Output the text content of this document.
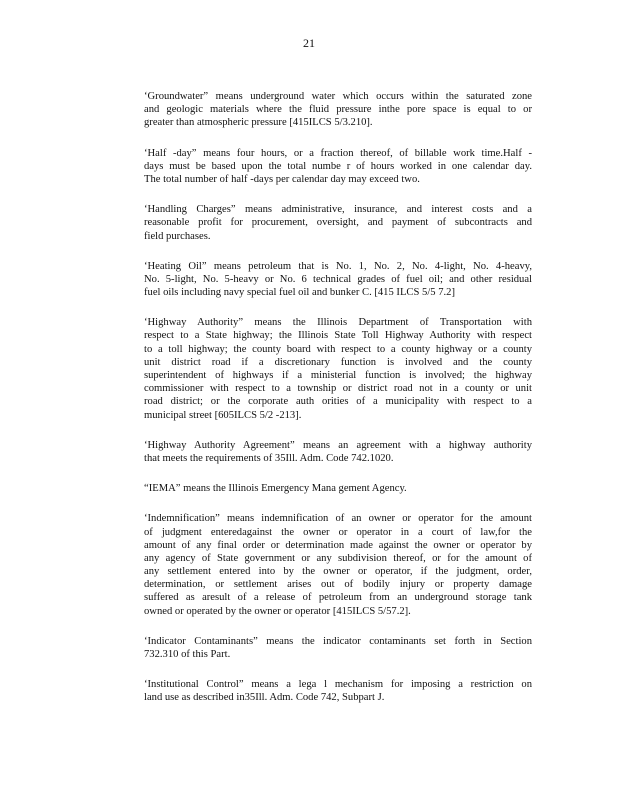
21
‘Groundwater” means underground water which occurs within the saturated zone
and geologic materials where the fluid pressure inthe pore space is equal to or
greater than atmospheric pressure [415ILCS 5/3.210].
‘Half -day” means four hours, or a fraction thereof, of billable work time.Half -
days must be based upon the total numbe r of hours worked in one calendar day.
The total number of half -days per calendar day may exceed two.
‘Handling Charges” means administrative, insurance, and interest costs and a
reasonable profit for procurement, oversight, and payment of subcontracts and
field purchases.
‘Heating Oil” means petroleum that is No. 1, No. 2, No. 4-light, No. 4-heavy,
No. 5-light, No. 5-heavy or No. 6 technical grades of fuel oil; and other residual
fuel oils including navy special fuel oil and bunker C. [415 ILCS 5/5 7.2]
‘Highway Authority” means the Illinois Department of Transportation with
respect to a State highway; the Illinois State Toll Highway Authority with respect
to a toll highway; the county board with respect to a county highway or a county
unit district road if a discretionary function is involved and the county
superintendent of highways if a ministerial function is involved; the highway
commissioner with respect to a township or district road not in a county or unit
road district; or the corporate auth orities of a municipality with respect to a
municipal street [605ILCS 5/2 -213].
‘Highway Authority Agreement” means an agreement with a highway authority
that meets the requirements of 35Ill. Adm. Code 742.1020.
“IEMA” means the Illinois Emergency Mana gement Agency.
‘Indemnification” means indemnification of an owner or operator for the amount
of judgment enteredagainst the owner or operator in a court of law,for the
amount of any final order or determination made against the owner or operator by
any agency of State government or any subdivision thereof, or for the amount of
any settlement entered into by the owner or operator, if the judgment, order,
determination, or settlement arises out of bodily injury or property damage
suffered as aresult of a release of petroleum from an underground storage tank
owned or operated by the owner or operator [415ILCS 5/57.2].
‘Indicator Contaminants” means the indicator contaminants set forth in Section
732.310 of this Part.
‘Institutional Control” means a lega l mechanism for imposing a restriction on
land use as described in35Ill. Adm. Code 742, Subpart J.
